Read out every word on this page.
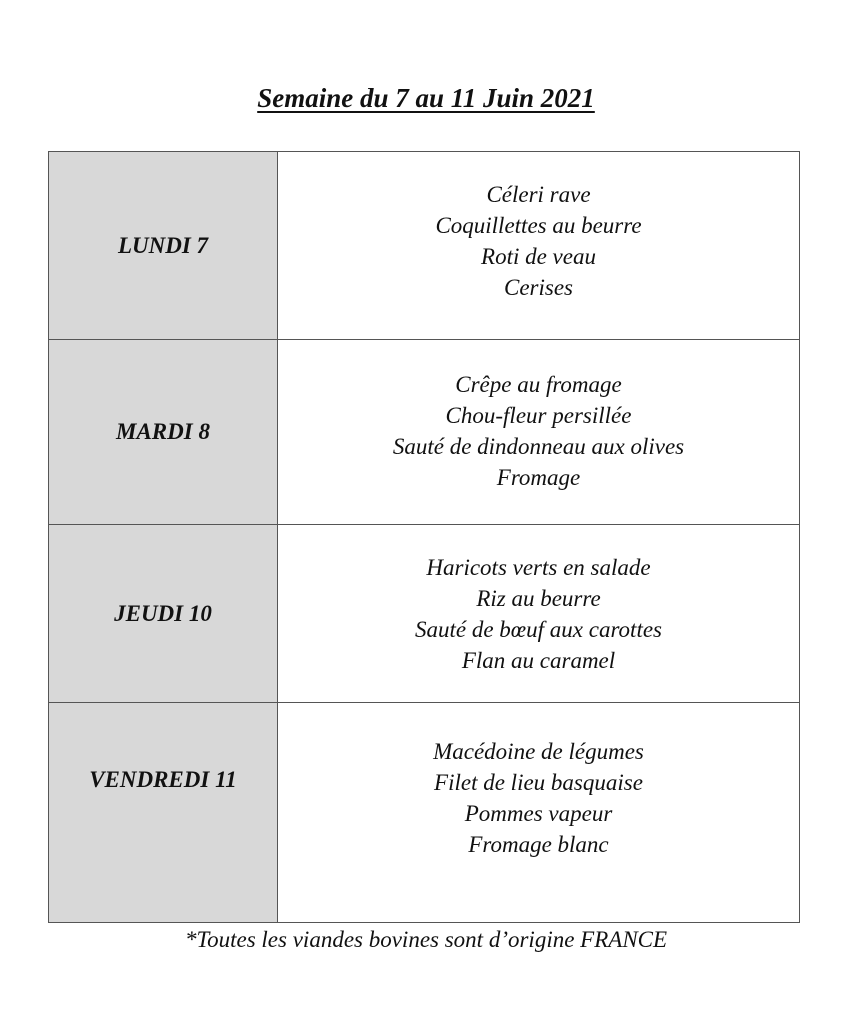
Semaine du 7 au 11 Juin 2021
LUNDI 7	Céleri rave
Coquillettes au beurre
Roti de veau
Cerises

MARDI 8	Crêpe au fromage
Chou-fleur persillée
Sauté de dindonneau aux olives
Fromage

JEUDI 10	Haricots verts en salade
Riz au beurre
Sauté de bœuf aux carottes
Flan au caramel

VENDREDI 11	Macédoine de légumes
Filet de lieu basquaise
Pommes vapeur
Fromage blanc
*Toutes les viandes bovines sont d’origine FRANCE
